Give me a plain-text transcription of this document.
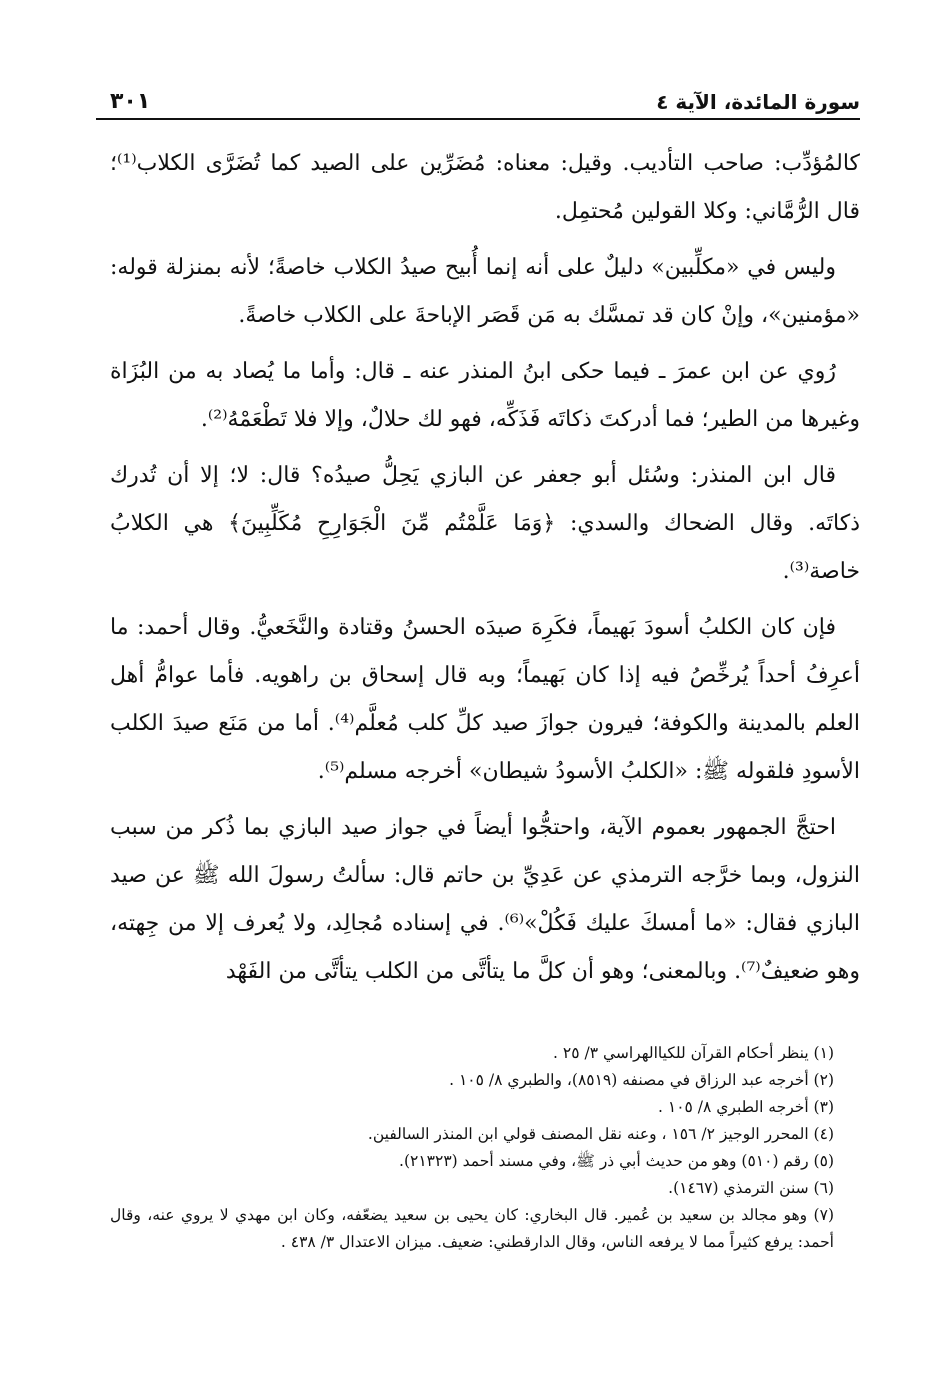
سورة المائدة، الآية ٤
٣٠١

كالمُؤدِّب: صاحب التأديب. وقيل: معناه: مُضَرِّين على الصيد كما تُضَرَّى الكلاب⁽¹⁾؛ قال الرُّمَّاني: وكلا القولين مُحتمِل.

وليس في «مكلِّبين» دليلٌ على أنه إنما أُبيح صيدُ الكلاب خاصةً؛ لأنه بمنزلة قوله: «مؤمنين»، وإنْ كان قد تمسَّك به مَن قَصَر الإباحةَ على الكلاب خاصةً.

رُوي عن ابن عمرَ ـ فيما حكى ابنُ المنذر عنه ـ قال: وأما ما يُصاد به من البُزَاة وغيرها من الطير؛ فما أدركتَ ذكاتَه فَذَكِّه، فهو لك حلالٌ، وإلا فلا تَطْعَمْهُ⁽²⁾.

قال ابن المنذر: وسُئل أبو جعفر عن البازي يَحِلُّ صيدُه؟ قال: لا؛ إلا أن تُدرك ذكاتَه. وقال الضحاك والسدي: ﴿وَمَا عَلَّمْتُم مِّنَ الْجَوَارِحِ مُكَلِّبِينَ﴾ هي الكلابُ خاصة⁽³⁾.

فإن كان الكلبُ أسودَ بَهيماً، فكَرِهَ صيدَه الحسنُ وقتادة والنَّخَعيُّ. وقال أحمد: ما أعرِفُ أحداً يُرخِّصُ فيه إذا كان بَهيماً؛ وبه قال إسحاق بن راهويه. فأما عوامُّ أهل العلم بالمدينة والكوفة؛ فيرون جوازَ صيد كلِّ كلب مُعلَّم⁽⁴⁾. أما من مَنَع صيدَ الكلب الأسودِ فلقوله ﷺ: «الكلبُ الأسودُ شيطان» أخرجه مسلم⁽⁵⁾.

احتجَّ الجمهور بعموم الآية، واحتجُّوا أيضاً في جواز صيد البازي بما ذُكر من سبب النزول، وبما خرَّجه الترمذي عن عَدِيِّ بن حاتم قال: سألتُ رسولَ الله ﷺ عن صيد البازي فقال: «ما أمسكَ عليك فَكُلْ»⁽⁶⁾. في إسناده مُجالِد، ولا يُعرف إلا من جِهته، وهو ضعيفٌ⁽⁷⁾. وبالمعنى؛ وهو أن كلَّ ما يتأتَّى من الكلب يتأتَّى من الفَهْد

(١) ينظر أحكام القرآن للكياالهراسي ٣/ ٢٥ .

(٢) أخرجه عبد الرزاق في مصنفه (٨٥١٩)، والطبري ٨/ ١٠٥ .

(٣) أخرجه الطبري ٨/ ١٠٥ .

(٤) المحرر الوجيز ٢/ ١٥٦ ، وعنه نقل المصنف قولي ابن المنذر السالفين.

(٥) رقم (٥١٠) وهو من حديث أبي ذر ﷺ، وفي مسند أحمد (٢١٣٢٣).

(٦) سنن الترمذي (١٤٦٧).

(٧) وهو مجالد بن سعيد بن عُمير. قال البخاري: كان يحيى بن سعيد يضعّفه، وكان ابن مهدي لا يروي عنه، وقال أحمد: يرفع كثيراً مما لا يرفعه الناس، وقال الدارقطني: ضعيف. ميزان الاعتدال ٣/ ٤٣٨ .
